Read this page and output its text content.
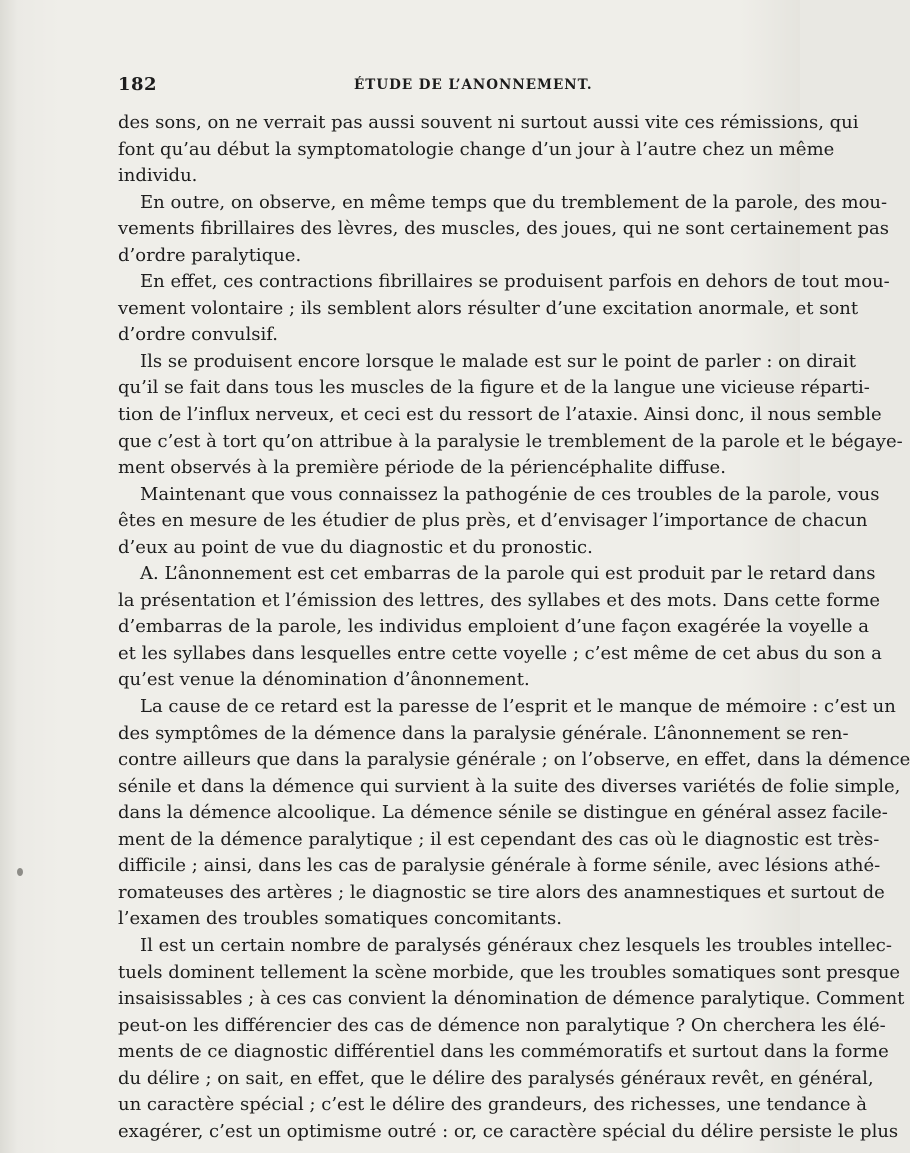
182	ÉTUDE DE L’ANONNEMENT.
des sons, on ne verrait pas aussi souvent ni surtout aussi vite ces rémissions, qui
font qu’au début la symptomatologie change d’un jour à l’autre chez un même
individu.
En outre, on observe, en même temps que du tremblement de la parole, des mou-
vements fibrillaires des lèvres, des muscles, des joues, qui ne sont certainement pas
d’ordre paralytique.
En effet, ces contractions fibrillaires se produisent parfois en dehors de tout mou-
vement volontaire ; ils semblent alors résulter d’une excitation anormale, et sont
d’ordre convulsif.
Ils se produisent encore lorsque le malade est sur le point de parler : on dirait
qu’il se fait dans tous les muscles de la figure et de la langue une vicieuse réparti-
tion de l’influx nerveux, et ceci est du ressort de l’ataxie. Ainsi donc, il nous semble
que c’est à tort qu’on attribue à la paralysie le tremblement de la parole et le bégaye-
ment observés à la première période de la périencéphalite diffuse.
Maintenant que vous connaissez la pathogénie de ces troubles de la parole, vous
êtes en mesure de les étudier de plus près, et d’envisager l’importance de chacun
d’eux au point de vue du diagnostic et du pronostic.
A. L’ânonnement est cet embarras de la parole qui est produit par le retard dans
la présentation et l’émission des lettres, des syllabes et des mots. Dans cette forme
d’embarras de la parole, les individus emploient d’une façon exagérée la voyelle a
et les syllabes dans lesquelles entre cette voyelle ; c’est même de cet abus du son a
qu’est venue la dénomination d’ânonnement.
La cause de ce retard est la paresse de l’esprit et le manque de mémoire : c’est un
des symptômes de la démence dans la paralysie générale. L’ânonnement se ren-
contre ailleurs que dans la paralysie générale ; on l’observe, en effet, dans la démence
sénile et dans la démence qui survient à la suite des diverses variétés de folie simple,
dans la démence alcoolique. La démence sénile se distingue en général assez facile-
ment de la démence paralytique ; il est cependant des cas où le diagnostic est très-
difficile ; ainsi, dans les cas de paralysie générale à forme sénile, avec lésions athé-
romateuses des artères ; le diagnostic se tire alors des anamnestiques et surtout de
l’examen des troubles somatiques concomitants.
Il est un certain nombre de paralysés généraux chez lesquels les troubles intellec-
tuels dominent tellement la scène morbide, que les troubles somatiques sont presque
insaisissables ; à ces cas convient la dénomination de démence paralytique. Comment
peut-on les différencier des cas de démence non paralytique ? On cherchera les élé-
ments de ce diagnostic différentiel dans les commémoratifs et surtout dans la forme
du délire ; on sait, en effet, que le délire des paralysés généraux revêt, en général,
un caractère spécial ; c’est le délire des grandeurs, des richesses, une tendance à
exagérer, c’est un optimisme outré : or, ce caractère spécial du délire persiste le plus
